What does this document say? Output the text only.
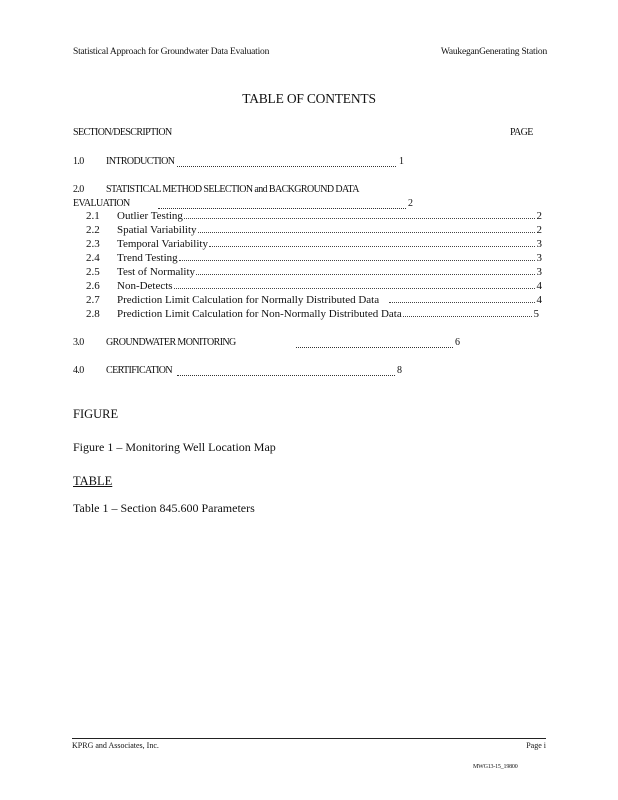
Statistical Approach for Groundwater Data Evaluation	WaukeganGenerating Station
TABLE OF CONTENTS
SECTION/DESCRIPTION	PAGE
1.0 INTRODUCTION	1
2.0 STATISTICAL METHOD SELECTION and BACKGROUND DATA
EVALUATION	2
2.1	Outlier Testing	2
2.2	Spatial Variability	2
2.3	Temporal Variability	3
2.4	Trend Testing	3
2.5	Test of Normality	3
2.6	Non-Detects	4
2.7	Prediction Limit Calculation for Normally Distributed Data	4
2.8	Prediction Limit Calculation for Non-Normally Distributed Data	5
3.0 GROUNDWATER MONITORING	6
4.0 CERTIFICATION	8
FIGURE
Figure 1 – Monitoring Well Location Map
TABLE
Table 1 – Section 845.600 Parameters
KPRG and Associates, Inc.	Page i
MWG13-15_19800
